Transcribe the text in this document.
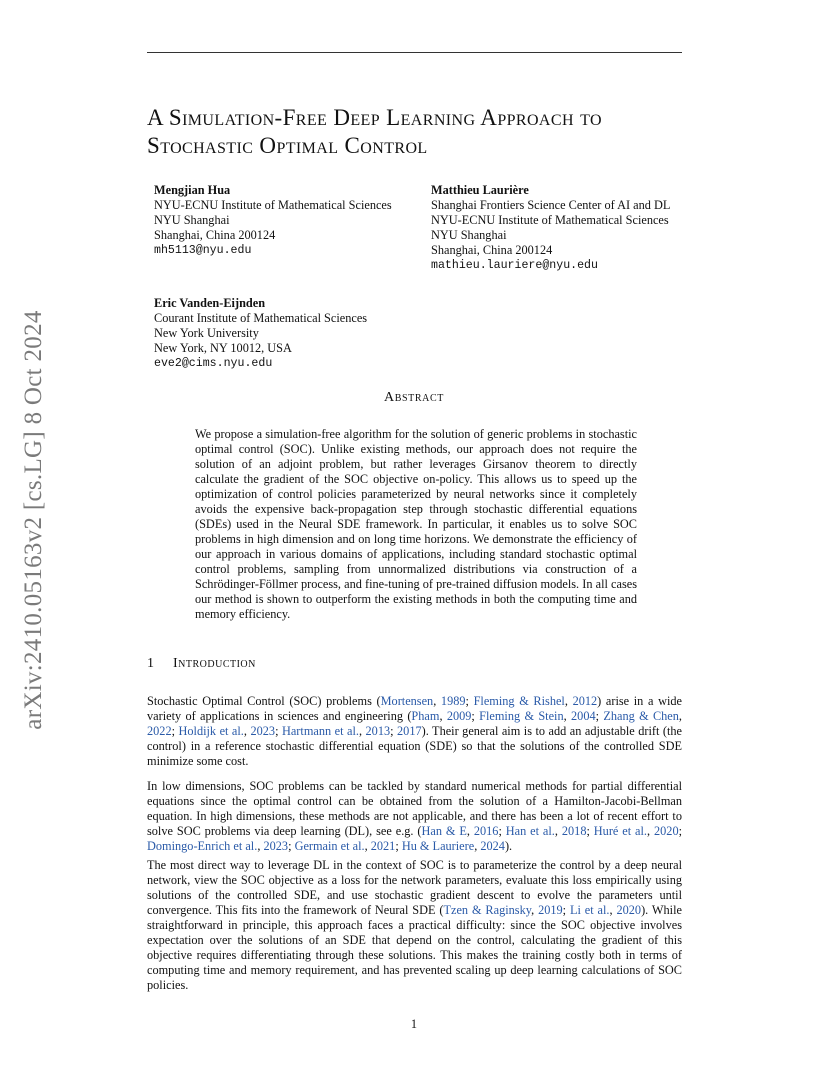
arXiv:2410.05163v2 [cs.LG] 8 Oct 2024
A Simulation-Free Deep Learning Approach to
Stochastic Optimal Control
Mengjian Hua
NYU-ECNU Institute of Mathematical Sciences
NYU Shanghai
Shanghai, China 200124
mh5113@nyu.edu
Matthieu Laurière
Shanghai Frontiers Science Center of AI and DL
NYU-ECNU Institute of Mathematical Sciences
NYU Shanghai
Shanghai, China 200124
mathieu.lauriere@nyu.edu
Eric Vanden-Eijnden
Courant Institute of Mathematical Sciences
New York University
New York, NY 10012, USA
eve2@cims.nyu.edu
Abstract

We propose a simulation-free algorithm for the solution of generic problems in stochastic optimal control (SOC). Unlike existing methods, our approach does not require the solution of an adjoint problem, but rather leverages Girsanov theorem to directly calculate the gradient of the SOC objective on-policy. This allows us to speed up the optimization of control policies parameterized by neural networks since it completely avoids the expensive back-propagation step through stochastic differential equations (SDEs) used in the Neural SDE framework. In particular, it enables us to solve SOC problems in high dimension and on long time horizons. We demonstrate the efficiency of our approach in various domains of applications, including standard stochastic optimal control problems, sampling from unnormalized distributions via construction of a Schrödinger-Föllmer process, and fine-tuning of pre-trained diffusion models. In all cases our method is shown to outperform the existing methods in both the computing time and memory efficiency.

1 Introduction

Stochastic Optimal Control (SOC) problems (Mortensen, 1989; Fleming & Rishel, 2012) arise in a wide variety of applications in sciences and engineering (Pham, 2009; Fleming & Stein, 2004; Zhang & Chen, 2022; Holdijk et al., 2023; Hartmann et al., 2013; 2017). Their general aim is to add an adjustable drift (the control) in a reference stochastic differential equation (SDE) so that the solutions of the controlled SDE minimize some cost.

In low dimensions, SOC problems can be tackled by standard numerical methods for partial differential equations since the optimal control can be obtained from the solution of a Hamilton-Jacobi-Bellman equation. In high dimensions, these methods are not applicable, and there has been a lot of recent effort to solve SOC problems via deep learning (DL), see e.g. (Han & E, 2016; Han et al., 2018; Huré et al., 2020; Domingo-Enrich et al., 2023; Germain et al., 2021; Hu & Lauriere, 2024).

The most direct way to leverage DL in the context of SOC is to parameterize the control by a deep neural network, view the SOC objective as a loss for the network parameters, evaluate this loss empirically using solutions of the controlled SDE, and use stochastic gradient descent to evolve the parameters until convergence. This fits into the framework of Neural SDE (Tzen & Raginsky, 2019; Li et al., 2020). While straightforward in principle, this approach faces a practical difficulty: since the SOC objective involves expectation over the solutions of an SDE that depend on the control, calculating the gradient of this objective requires differentiating through these solutions. This makes the training costly both in terms of computing time and memory requirement, and has prevented scaling up deep learning calculations of SOC policies.

1
